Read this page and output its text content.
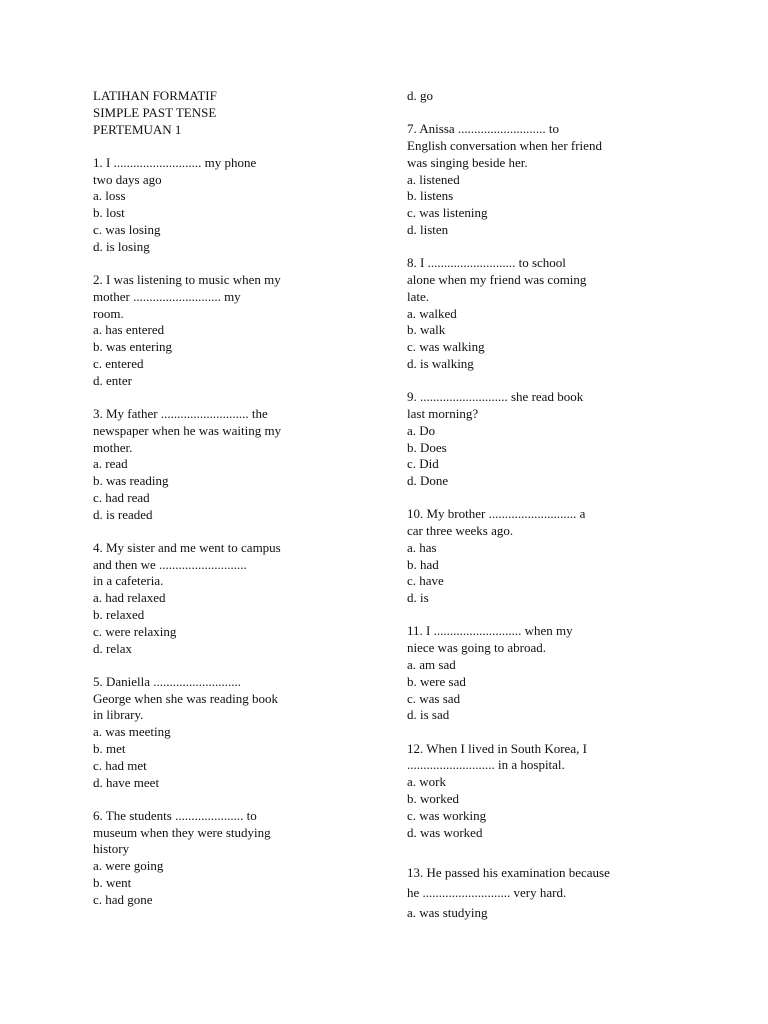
LATIHAN FORMATIF
SIMPLE PAST TENSE
PERTEMUAN 1
1. I ........................... my phone
two days ago
a. loss
b. lost
c. was losing
d. is losing
2. I was listening to music when my
mother ........................... my
room.
a. has entered
b. was entering
c. entered
d. enter
3. My father ........................... the
newspaper when he was waiting my
mother.
a. read
b. was reading
c. had read
d. is readed
4. My sister and me went to campus
and then we ...........................
in a cafeteria.
a. had relaxed
b. relaxed
c. were relaxing
d. relax
5. Daniella ...........................
George when she was reading book
in library.
a. was meeting
b. met
c. had met
d. have meet
6. The students ..................... to
museum when they were studying
history
a. were going
b. went
c. had gone
d. go
7. Anissa ........................... to
English conversation when her friend
was singing beside her.
a. listened
b. listens
c. was listening
d. listen
8. I ........................... to school
alone when my friend was coming
late.
a. walked
b. walk
c. was walking
d. is walking
9. ........................... she read book
last morning?
a. Do
b. Does
c. Did
d. Done
10. My brother ........................... a
car three weeks ago.
a. has
b. had
c. have
d. is
11. I ........................... when my
niece was going to abroad.
a. am sad
b. were sad
c. was sad
d. is sad
12. When I lived in South Korea, I
........................... in a hospital.
a. work
b. worked
c. was working
d. was worked
13. He passed his examination because
he ........................... very hard.
a. was studying
